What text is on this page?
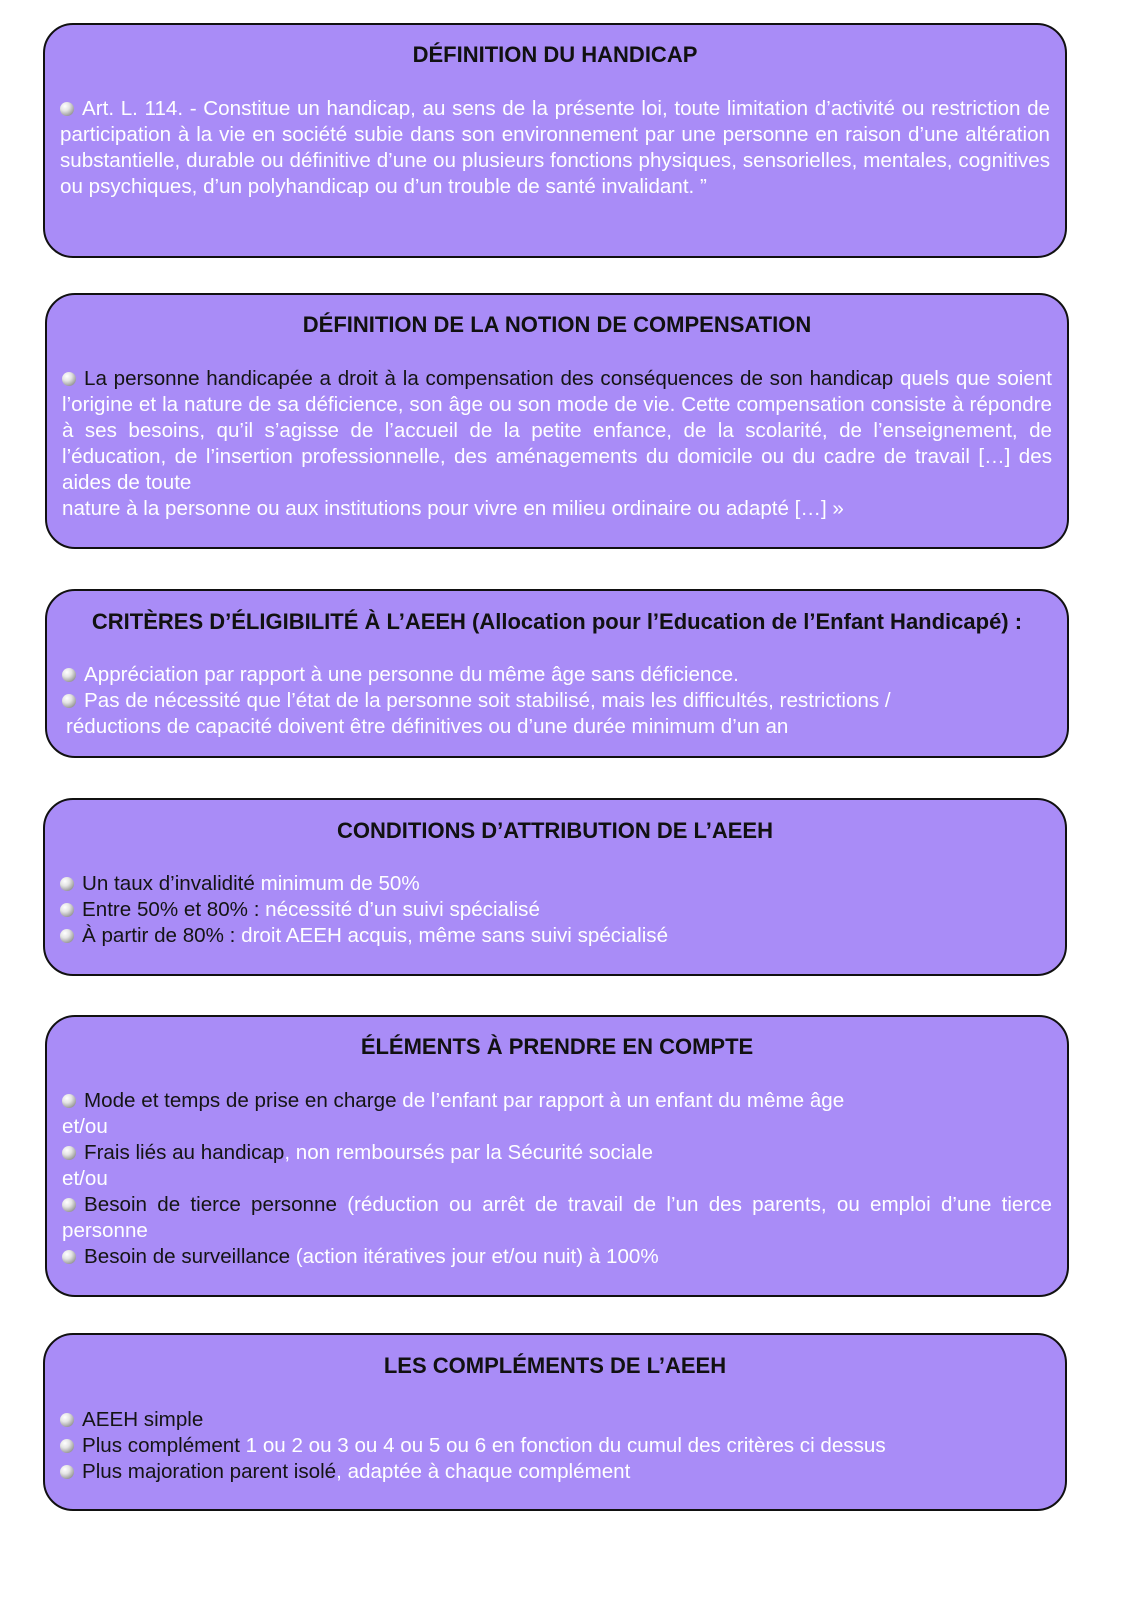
DÉFINITION DU HANDICAP

Art. L. 114. - Constitue un handicap, au sens de la présente loi, toute limitation d’activité ou restriction de participation à la vie en société subie dans son environnement par une personne en raison d’une altération substantielle, durable ou définitive d’une ou plusieurs fonctions physiques, sensorielles, mentales, cognitives ou psychiques, d’un polyhandicap ou d’un trouble de santé invalidant. ”

DÉFINITION DE LA NOTION DE COMPENSATION

La personne handicapée a droit à la compensation des conséquences de son handicap quels que soient l’origine et la nature de sa déficience, son âge ou son mode de vie. Cette compensation consiste à répondre à ses besoins, qu’il s’agisse de l’accueil de la petite enfance, de la scolarité, de l’enseignement, de l’éducation, de l’insertion professionnelle, des aménagements du domicile ou du cadre de travail […] des aides de toute

nature à la personne ou aux institutions pour vivre en milieu ordinaire ou adapté […] »

CRITÈRES D’ÉLIGIBILITÉ À L’AEEH (Allocation pour l’Education de l’Enfant Handicapé) :

Appréciation par rapport à une personne du même âge sans déficience.

Pas de nécessité que l’état de la personne soit stabilisé, mais les difficultés, restrictions /

réductions de capacité doivent être définitives ou d’une durée minimum d’un an

CONDITIONS D’ATTRIBUTION DE L’AEEH

Un taux d’invalidité minimum de 50%

Entre 50% et 80% : nécessité d’un suivi spécialisé

À partir de 80% : droit AEEH acquis, même sans suivi spécialisé

ÉLÉMENTS À PRENDRE EN COMPTE

Mode et temps de prise en charge de l’enfant par rapport à un enfant du même âge

et/ou

Frais liés au handicap, non remboursés par la Sécurité sociale

et/ou

Besoin de tierce personne (réduction ou arrêt de travail de l’un des parents, ou emploi d’une tierce personne

Besoin de surveillance (action itératives jour et/ou nuit) à 100%

LES COMPLÉMENTS DE L’AEEH

AEEH simple

Plus complément 1 ou 2 ou 3 ou 4 ou 5 ou 6 en fonction du cumul des critères ci dessus

Plus majoration parent isolé, adaptée à chaque complément
